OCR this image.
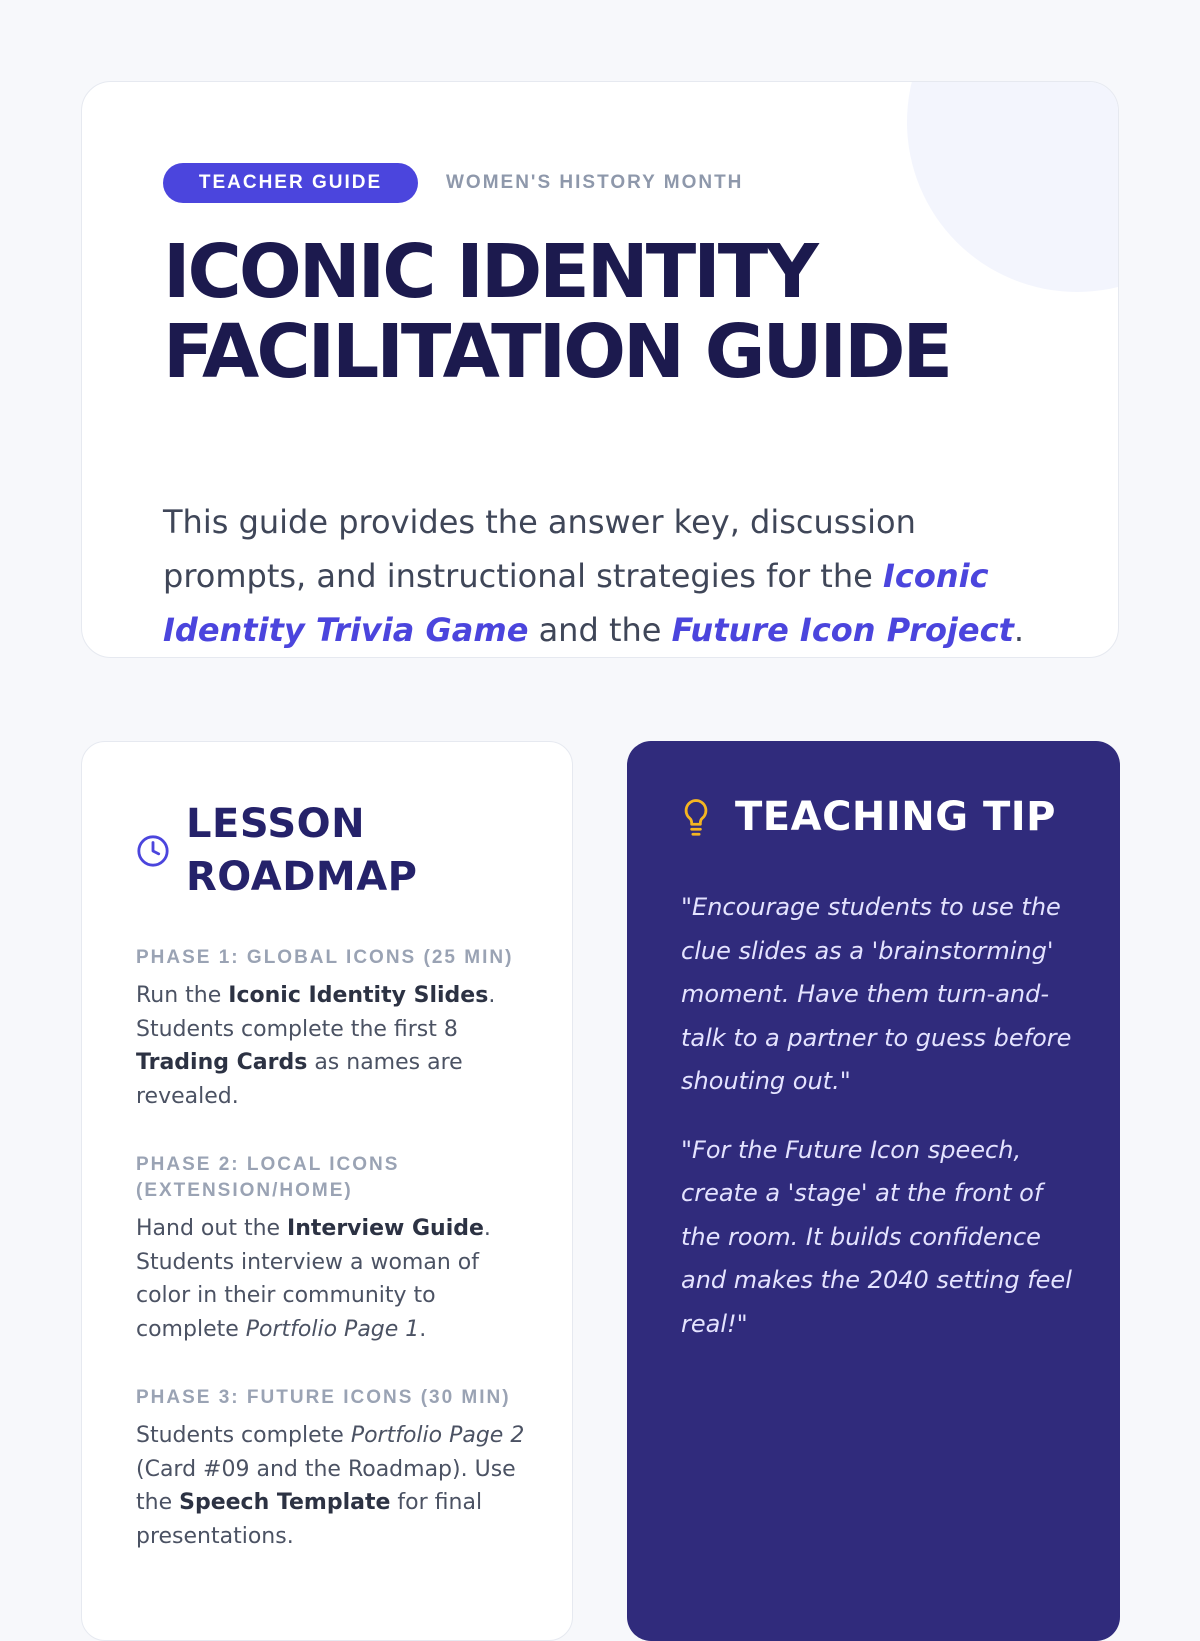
TEACHER GUIDE	WOMEN'S HISTORY MONTH
ICONIC IDENTITY
FACILITATION GUIDE

This guide provides the answer key, discussion prompts, and instructional strategies for the Iconic Identity Trivia Game and the Future Icon Project.

LESSON
ROADMAP

PHASE 1: GLOBAL ICONS (25 MIN)

Run the Iconic Identity Slides. Students complete the first 8 Trading Cards as names are revealed.

PHASE 2: LOCAL ICONS (EXTENSION/HOME)

Hand out the Interview Guide. Students interview a woman of color in their community to complete Portfolio Page 1.

PHASE 3: FUTURE ICONS (30 MIN)

Students complete Portfolio Page 2 (Card #09 and the Roadmap). Use the Speech Template for final presentations.

TEACHING TIP

"Encourage students to use the clue slides as a 'brainstorming' moment. Have them turn-and-talk to a partner to guess before shouting out."

"For the Future Icon speech, create a 'stage' at the front of the room. It builds confidence and makes the 2040 setting feel real!"
